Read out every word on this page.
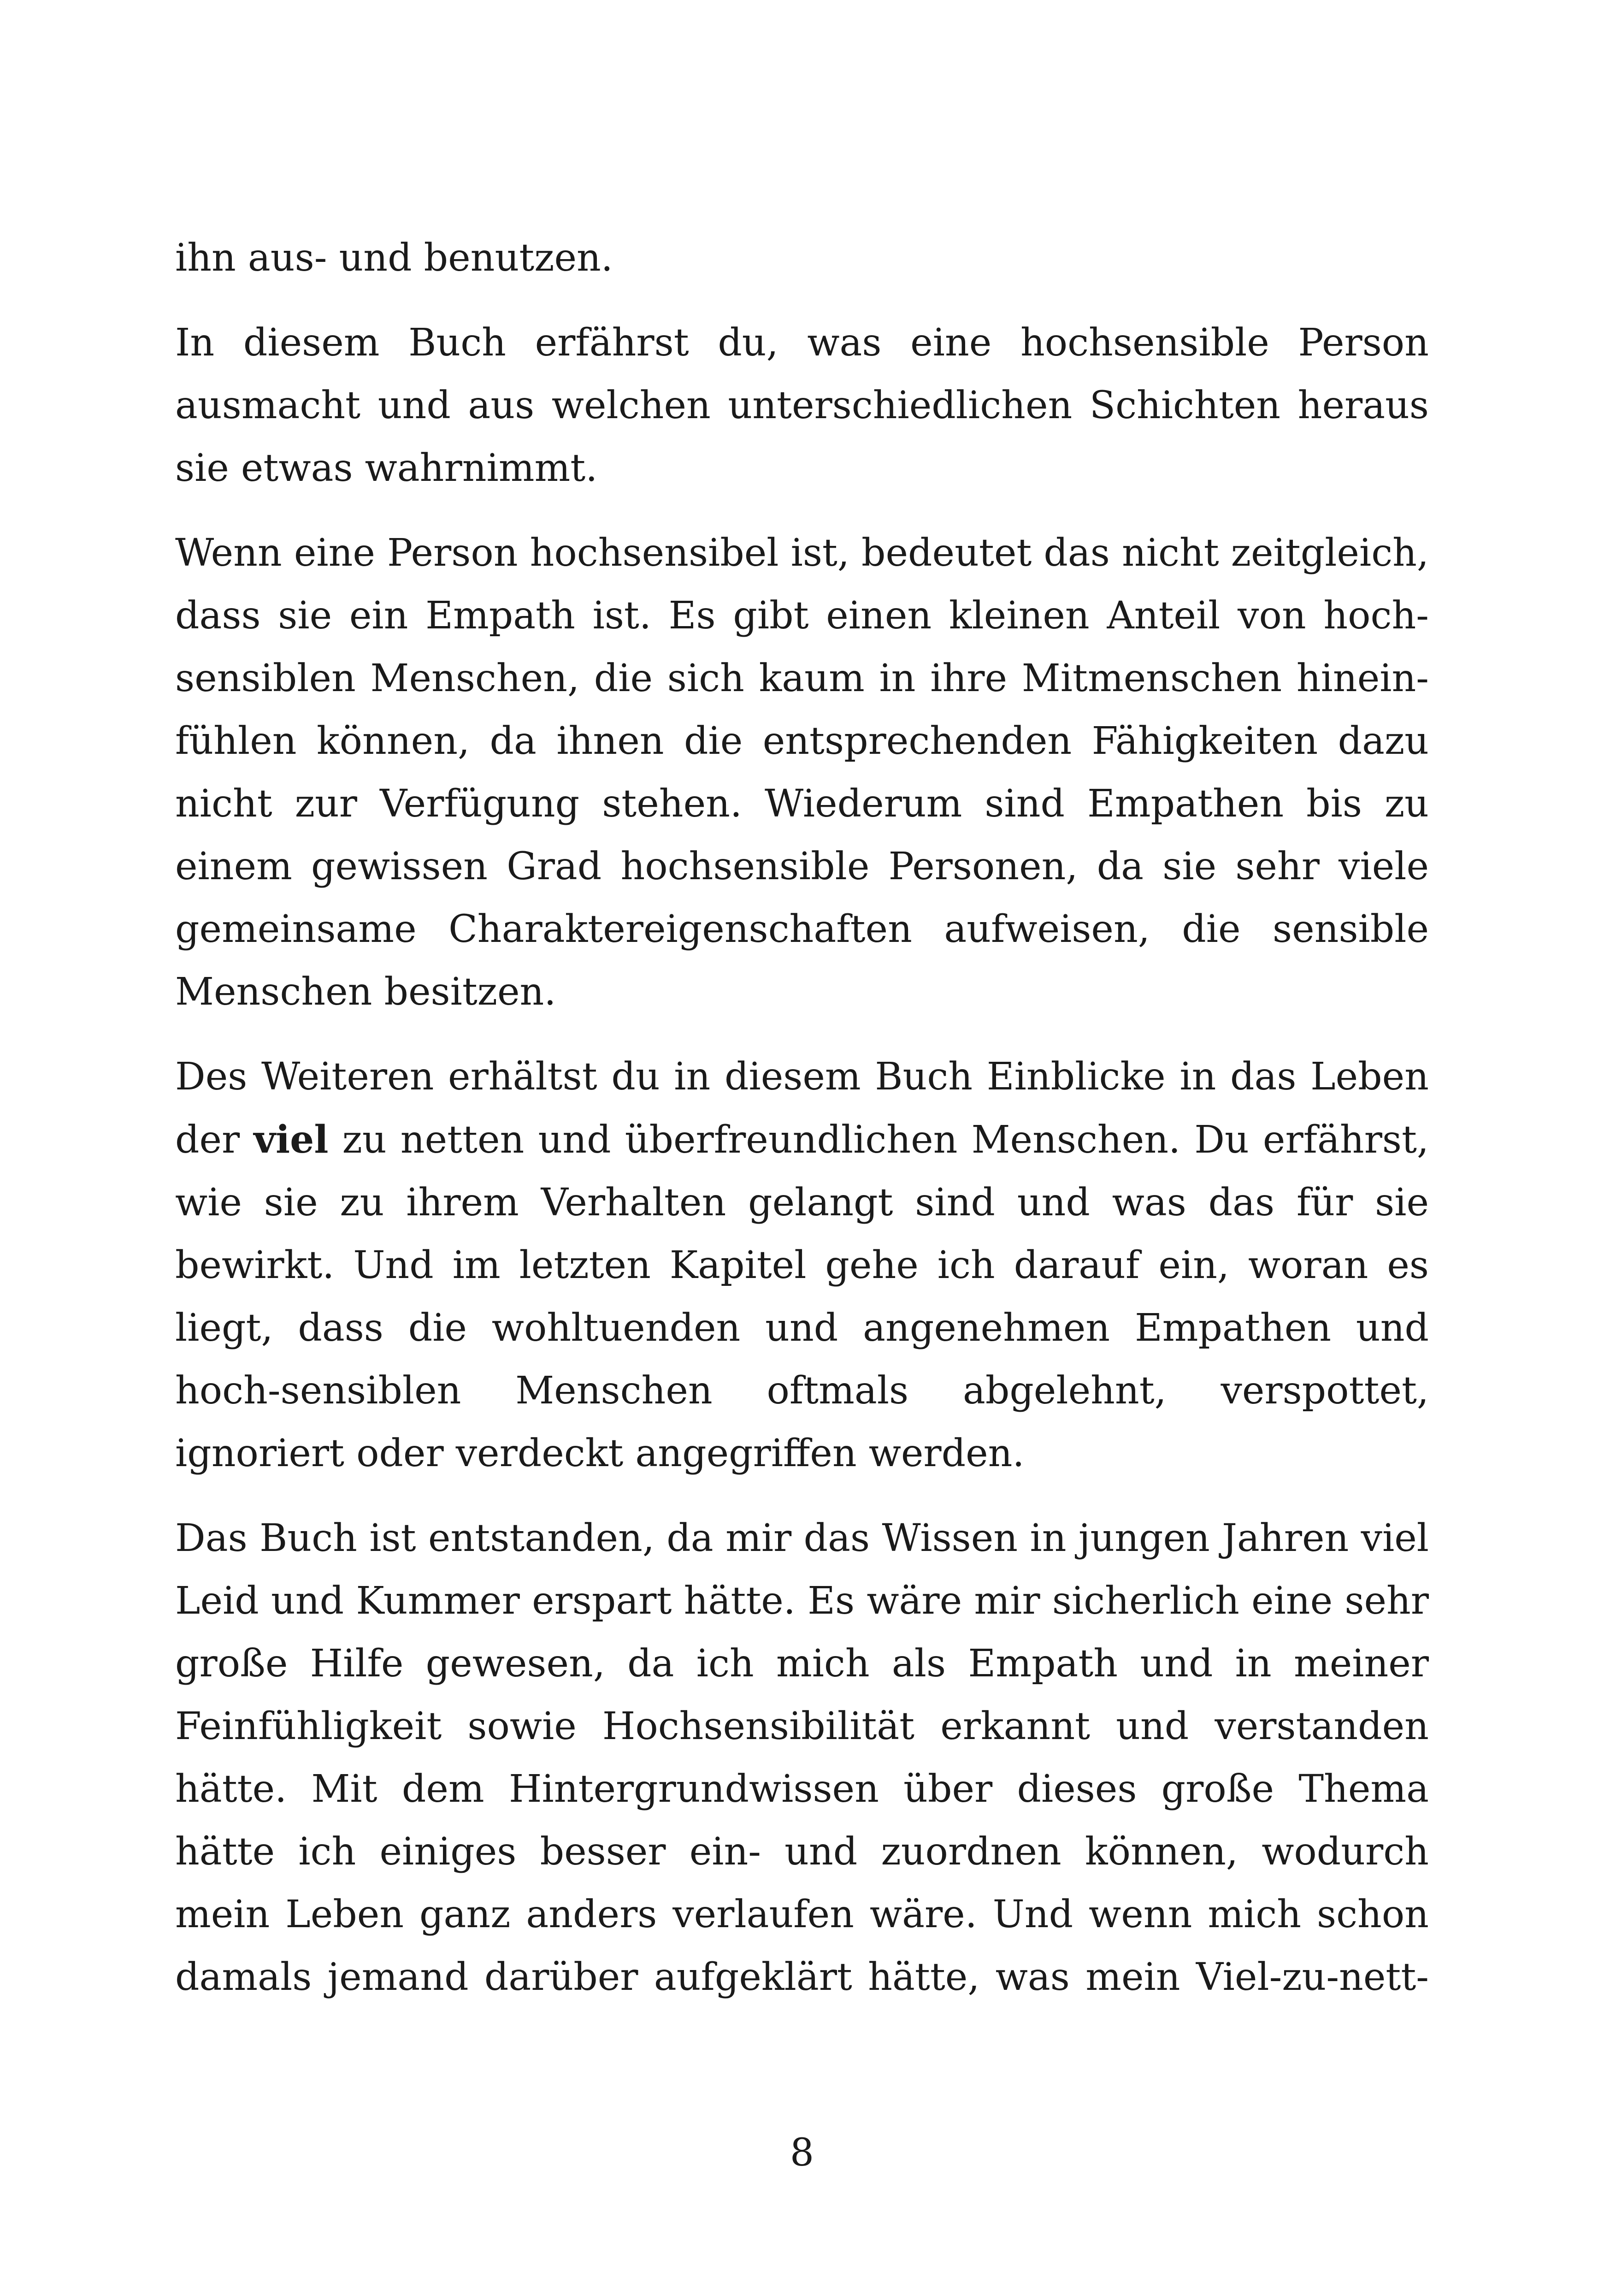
ihn aus- und benutzen.

In diesem Buch erfährst du, was eine hochsensible Person ausmacht und aus welchen unterschiedlichen Schichten heraus sie etwas wahrnimmt.

Wenn eine Person hochsensibel ist, bedeutet das nicht zeitgleich, dass sie ein Empath ist. Es gibt einen kleinen Anteil von hoch-sensiblen Menschen, die sich kaum in ihre Mitmenschen hinein-fühlen können, da ihnen die entsprechenden Fähigkeiten dazu nicht zur Verfügung stehen. Wiederum sind Empathen bis zu einem gewissen Grad hochsensible Personen, da sie sehr viele gemeinsame Charaktereigenschaften aufweisen, die sensible Menschen besitzen.

Des Weiteren erhältst du in diesem Buch Einblicke in das Leben der viel zu netten und überfreundlichen Menschen. Du erfährst, wie sie zu ihrem Verhalten gelangt sind und was das für sie bewirkt. Und im letzten Kapitel gehe ich darauf ein, woran es liegt, dass die wohltuenden und angenehmen Empathen und hoch-sensiblen Menschen oftmals abgelehnt, verspottet, ignoriert oder verdeckt angegriffen werden.

Das Buch ist entstanden, da mir das Wissen in jungen Jahren viel Leid und Kummer erspart hätte. Es wäre mir sicherlich eine sehr große Hilfe gewesen, da ich mich als Empath und in meiner Feinfühligkeit sowie Hochsensibilität erkannt und verstanden hätte. Mit dem Hintergrundwissen über dieses große Thema hätte ich einiges besser ein- und zuordnen können, wodurch mein Leben ganz anders verlaufen wäre. Und wenn mich schon damals jemand darüber aufgeklärt hätte, was mein Viel-zu-nett-

8
